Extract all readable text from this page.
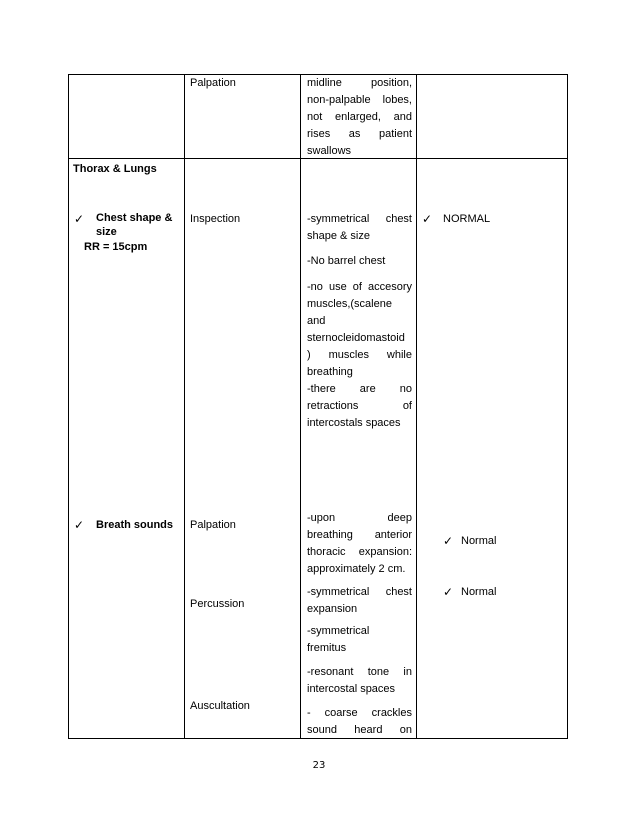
Palpation	midline position,
non-palpable lobes,
not enlarged, and
rises as patient
swallows
Thorax & Lungs
✓ Chest shape &
size
RR = 15cpm
Inspection	-symmetrical chest
shape & size
-No barrel chest
-no use of accesory
muscles,(scalene
and
sternocleidomastoid
) muscles while
breathing
-there are no
retractions of
intercostals spaces
✓ NORMAL
✓ Breath sounds Palpation
Percussion
Auscultation
-upon deep
breathing anterior
thoracic expansion:
approximately 2 cm.
-symmetrical chest
expansion
-symmetrical
fremitus
-resonant tone in
intercostal spaces
- coarse crackles
sound heard on
✓ Normal
✓ Normal
23
